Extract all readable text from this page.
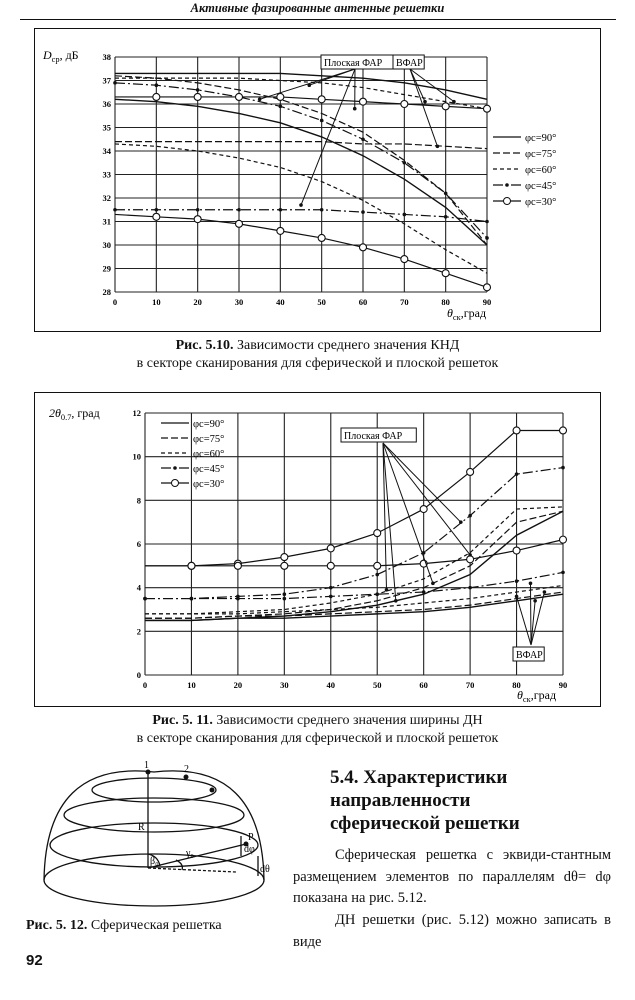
Активные фазированные антенные решетки
0	10	20	30	40	50	60	70	80	90
28
29
30
31
32
33
34
35
36
37
38
$D_{ср}$, дБ
$\theta_{ск},град$
φc=90°
φc=75°
φc=60°
φc=45°
φc=30°
Плоская ФАР ВФАР
Рис. 5.10. Зависимости среднего значения КНД
в секторе сканирования для сферической и плоской решеток
0	10	20	30	40	50	60	70	80	90
0
2
4
6
8
10
12
$2\theta_{0.7}$, град
$\theta_{ск},град$
φc=90°
φc=75°
φc=60°
φc=45°
φc=30°
Плоская ФАР
ВФАР
Рис. 5. 11. Зависимости среднего значения ширины ДН
в секторе сканирования для сферической и плоской решеток
1	2
R
P
β₀
γ₀	dφ
dθ
Рис. 5. 12. Сферическая решетка
5.4. Характеристики
направленности
сферической решетки
Сферическая решетка с эквиди-стантным размещением элементов по параллелям dθ= dφ показана на рис. 5.12.
ДН решетки (рис. 5.12) можно записать в виде
92
